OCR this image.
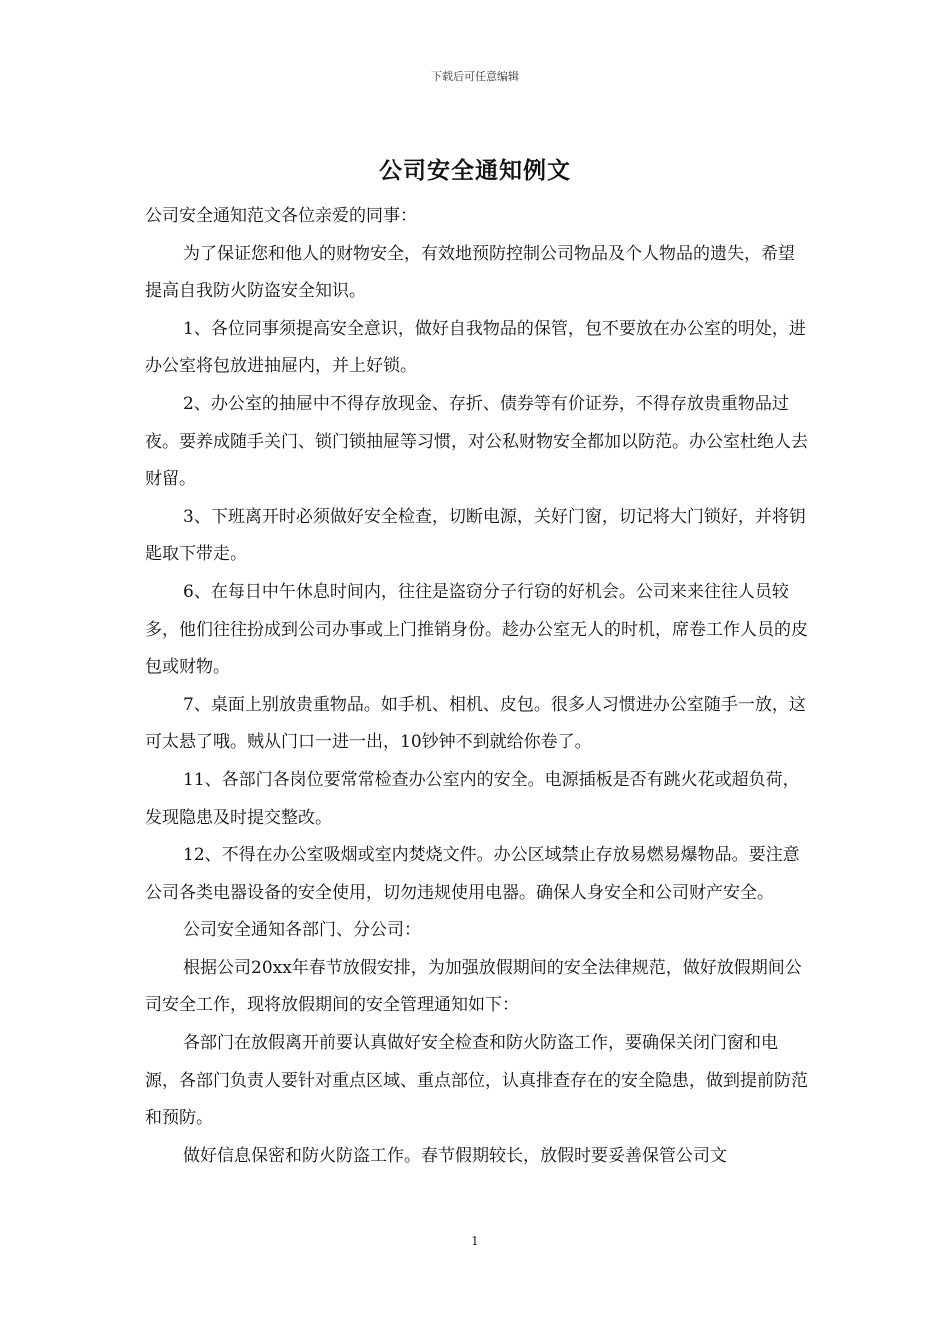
下载后可任意编辑
公司安全通知例文

公司安全通知范文各位亲爱的同事：

为了保证您和他人的财物安全，有效地预防控制公司物品及个人物品的遗失，希望提高自我防火防盗安全知识。

1、各位同事须提高安全意识，做好自我物品的保管，包不要放在办公室的明处，进办公室将包放进抽屉内，并上好锁。

2、办公室的抽屉中不得存放现金、存折、债券等有价证券，不得存放贵重物品过夜。要养成随手关门、锁门锁抽屉等习惯，对公私财物安全都加以防范。办公室杜绝人去财留。

3、下班离开时必须做好安全检查，切断电源，关好门窗，切记将大门锁好，并将钥匙取下带走。

6、在每日中午休息时间内，往往是盗窃分子行窃的好机会。公司来来往往人员较多，他们往往扮成到公司办事或上门推销身份。趁办公室无人的时机，席卷工作人员的皮包或财物。

7、桌面上别放贵重物品。如手机、相机、皮包。很多人习惯进办公室随手一放，这可太悬了哦。贼从门口一进一出，10钞钟不到就给你卷了。

11、各部门各岗位要常常检查办公室内的安全。电源插板是否有跳火花或超负荷，发现隐患及时提交整改。

12、不得在办公室吸烟或室内焚烧文件。办公区域禁止存放易燃易爆物品。要注意公司各类电器设备的安全使用，切勿违规使用电器。确保人身安全和公司财产安全。

公司安全通知各部门、分公司：

根据公司20xx年春节放假安排，为加强放假期间的安全法律规范，做好放假期间公司安全工作，现将放假期间的安全管理通知如下：

各部门在放假离开前要认真做好安全检查和防火防盗工作，要确保关闭门窗和电源，各部门负责人要针对重点区域、重点部位，认真排查存在的安全隐患，做到提前防范和预防。

做好信息保密和防火防盗工作。春节假期较长，放假时要妥善保管公司文

1
